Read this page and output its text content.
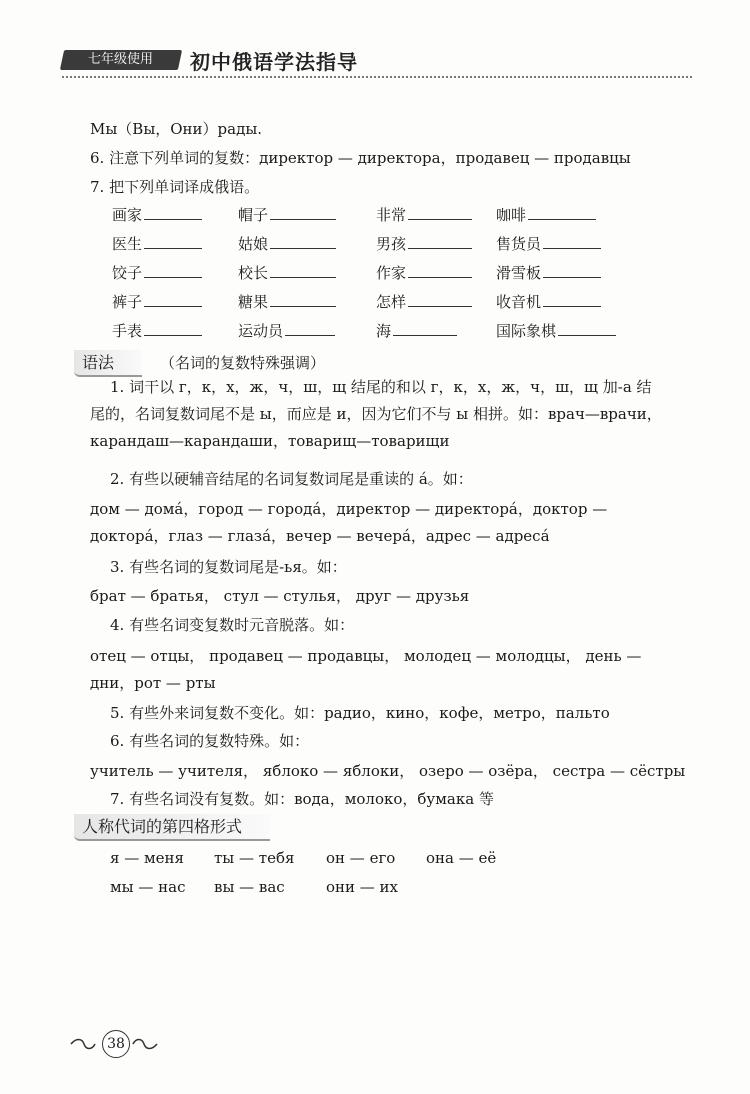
七年级使用	初中俄语学法指导
Мы（Вы，Они）рады.
6. 注意下列单词的复数：директор — директора，продавец — продавцы
7. 把下列单词译成俄语。
画家	帽子	非常	咖啡
医生	姑娘	男孩	售货员
饺子	校长	作家	滑雪板
裤子	糖果	怎样	收音机
手表	运动员	海	国际象棋
语法	（名词的复数特殊强调）
1. 词干以 г，к，х，ж，ч，ш，щ 结尾的和以 г，к，х，ж，ч，ш，щ 加-а 结尾的，名词复数词尾不是 ы，而应是 и，因为它们不与 ы 相拼。如：врач—врачи，карандаш—карандаши，товарищ—товарищи
2. 有些以硬辅音结尾的名词复数词尾是重读的 á。如：
дом — домá，город — городá，директор — директорá，доктор — докторá，глаз — глазá，вечер — вечерá，адрес — адресá
3. 有些名词的复数词尾是-ья。如：
брат — братья， стул — стулья， друг — друзья
4. 有些名词变复数时元音脱落。如：
отец — отцы， продавец — продавцы， молодец — молодцы， день — дни，рот — рты
5. 有些外来词复数不变化。如：радио，кино，кофе，метро，пальто
6. 有些名词的复数特殊。如：
учитель — учителя， яблоко — яблоки， озеро — озёра， сестра — сёстры
7. 有些名词没有复数。如：вода，молоко，бумака 等
人称代词的第四格形式
я — меня ты — тебя он — его она — её
мы — нас вы — вас	они — их
38
